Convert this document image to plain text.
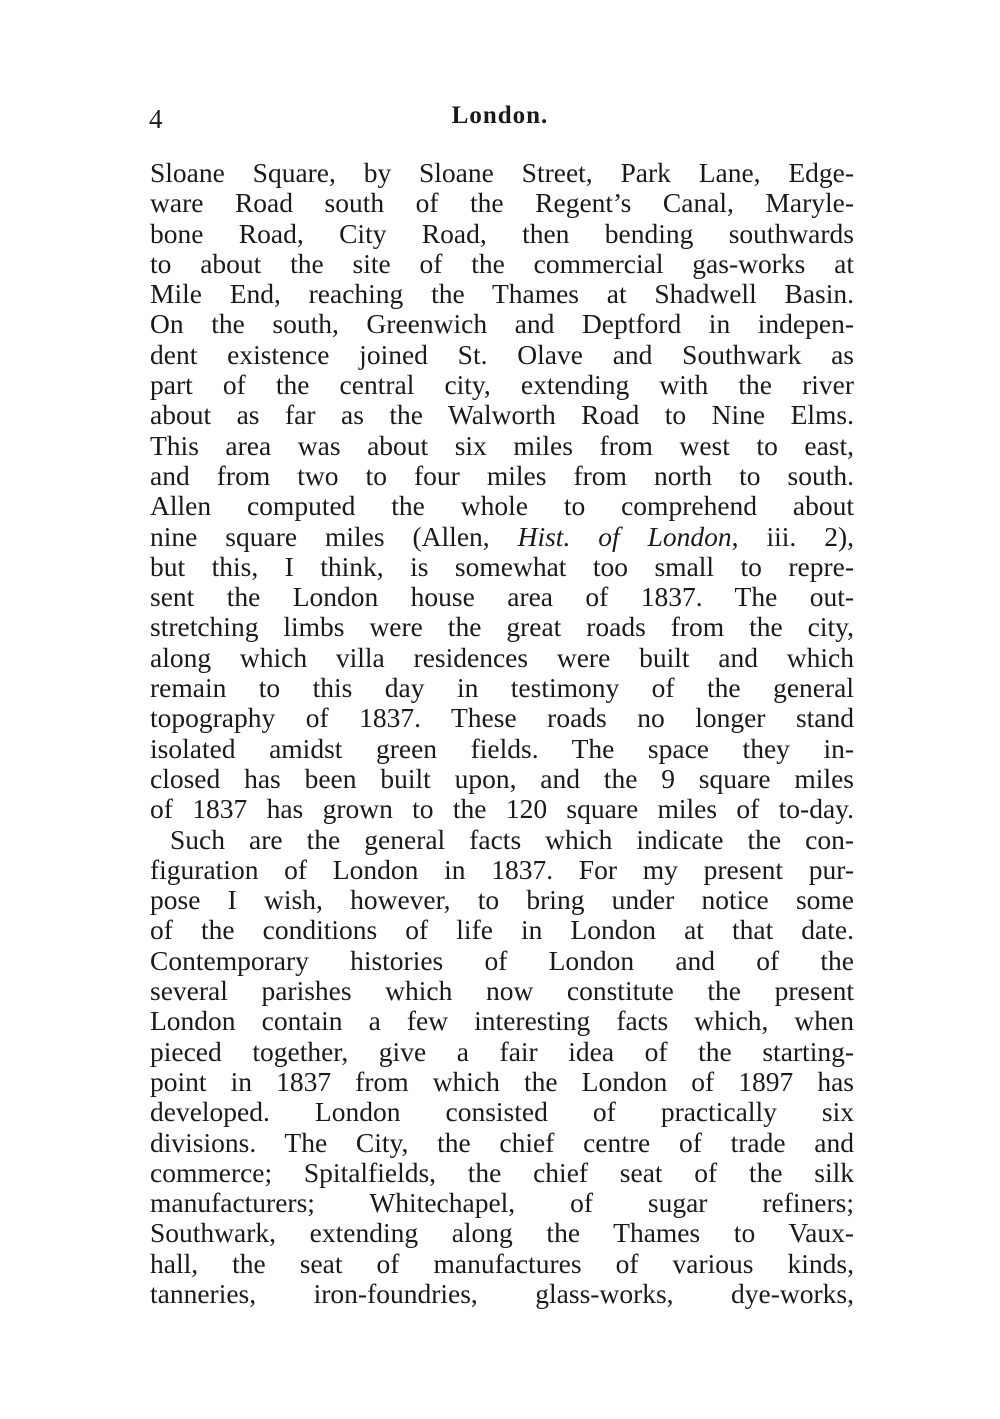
4	London.
Sloane Square, by Sloane Street, Park Lane, Edge-
ware Road south of the Regent’s Canal, Maryle-
bone Road, City Road, then bending southwards
to about the site of the commercial gas-works at
Mile End, reaching the Thames at Shadwell Basin.
On the south, Greenwich and Deptford in indepen-
dent existence joined St. Olave and Southwark as
part of the central city, extending with the river
about as far as the Walworth Road to Nine Elms.
This area was about six miles from west to east,
and from two to four miles from north to south.
Allen computed the whole to comprehend about
nine square miles (Allen, Hist. of London, iii. 2),
but this, I think, is somewhat too small to repre-
sent the London house area of 1837. The out-
stretching limbs were the great roads from the city,
along which villa residences were built and which
remain to this day in testimony of the general
topography of 1837. These roads no longer stand
isolated amidst green fields. The space they in-
closed has been built upon, and the 9 square miles
of 1837 has grown to the 120 square miles of to-day.
Such are the general facts which indicate the con-
figuration of London in 1837. For my present pur-
pose I wish, however, to bring under notice some
of the conditions of life in London at that date.
Contemporary histories of London and of the
several parishes which now constitute the present
London contain a few interesting facts which, when
pieced together, give a fair idea of the starting-
point in 1837 from which the London of 1897 has
developed. London consisted of practically six
divisions. The City, the chief centre of trade and
commerce; Spitalfields, the chief seat of the silk
manufacturers; Whitechapel, of sugar refiners;
Southwark, extending along the Thames to Vaux-
hall, the seat of manufactures of various kinds,
tanneries, iron-foundries, glass-works, dye-works,
